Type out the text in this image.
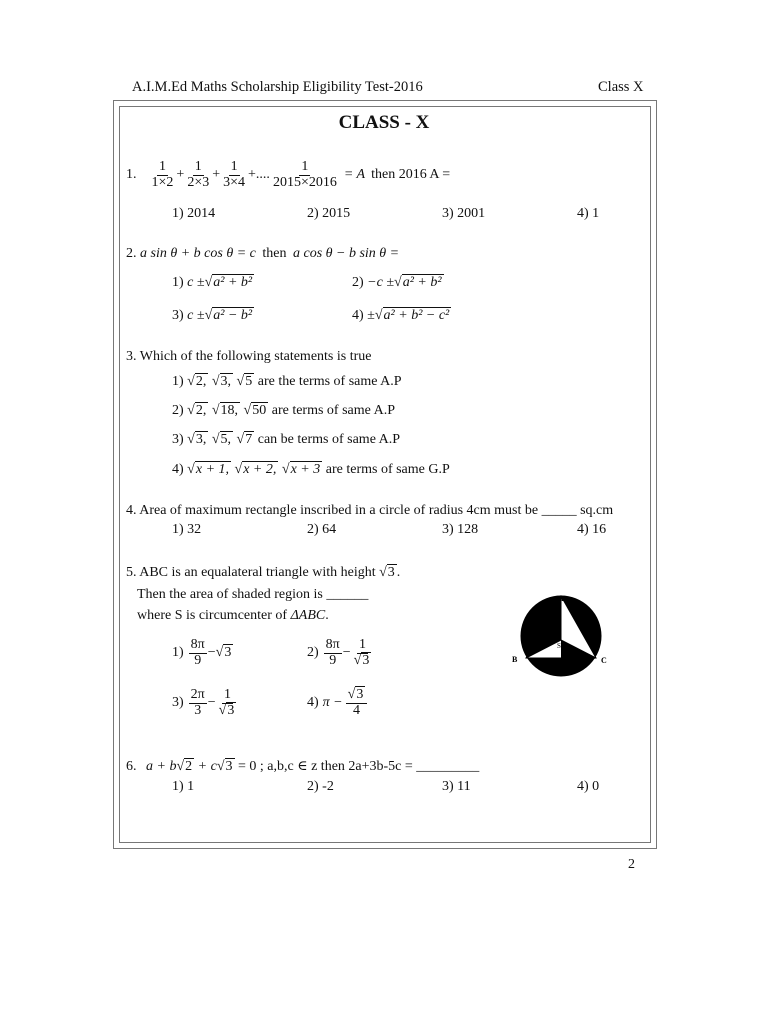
A.I.M.Ed Maths Scholarship Eligibility Test-2016	Class X
CLASS - X
1. $\frac{1}{1\times 2} + \frac{1}{2\times 3} + \frac{1}{3\times 4}$ +.... $\frac{1}{2015\times 2016} = A$ then 2016 A =
1) 2014	2) 2015	3) 2001	4) 1
2. a sin θ + b cos θ = c then a cos θ − b sin θ =
1) c ±√a² + b²	2) −c ±√a² + b²
3) c ±√a² − b²	4) ±√a² + b² − c²
3. Which of the following statements is true
1) √2, √3, √5 are the terms of same A.P
2) √2, √18, √50 are terms of same A.P
3) √3, √5, √7 can be terms of same A.P
4) √x + 1, √x + 2, √x + 3 are terms of same G.P
4. Area of maximum rectangle inscribed in a circle of radius 4cm must be _____ sq.cm
1) 32	2) 64	3) 128	4) 16
5. ABC is an equalateral triangle with height √3 .
Then the area of shaded region is ______
where S is circumcenter of ΔABC.
$1) \frac{8\pi}{9} - √3$	$2) \frac{8\pi}{9} - \frac{1}{√3}$
$3) \frac{2\pi}{3} - \frac{1}{√3}$	4) $\pi - \frac{√3}{4}$
A
B	C
S
6. a + b√2 + c√3 = 0 ; a,b,c ∈ z then 2a+3b-5c = _________
1) 1	2) -2	3) 11	4) 0
2
